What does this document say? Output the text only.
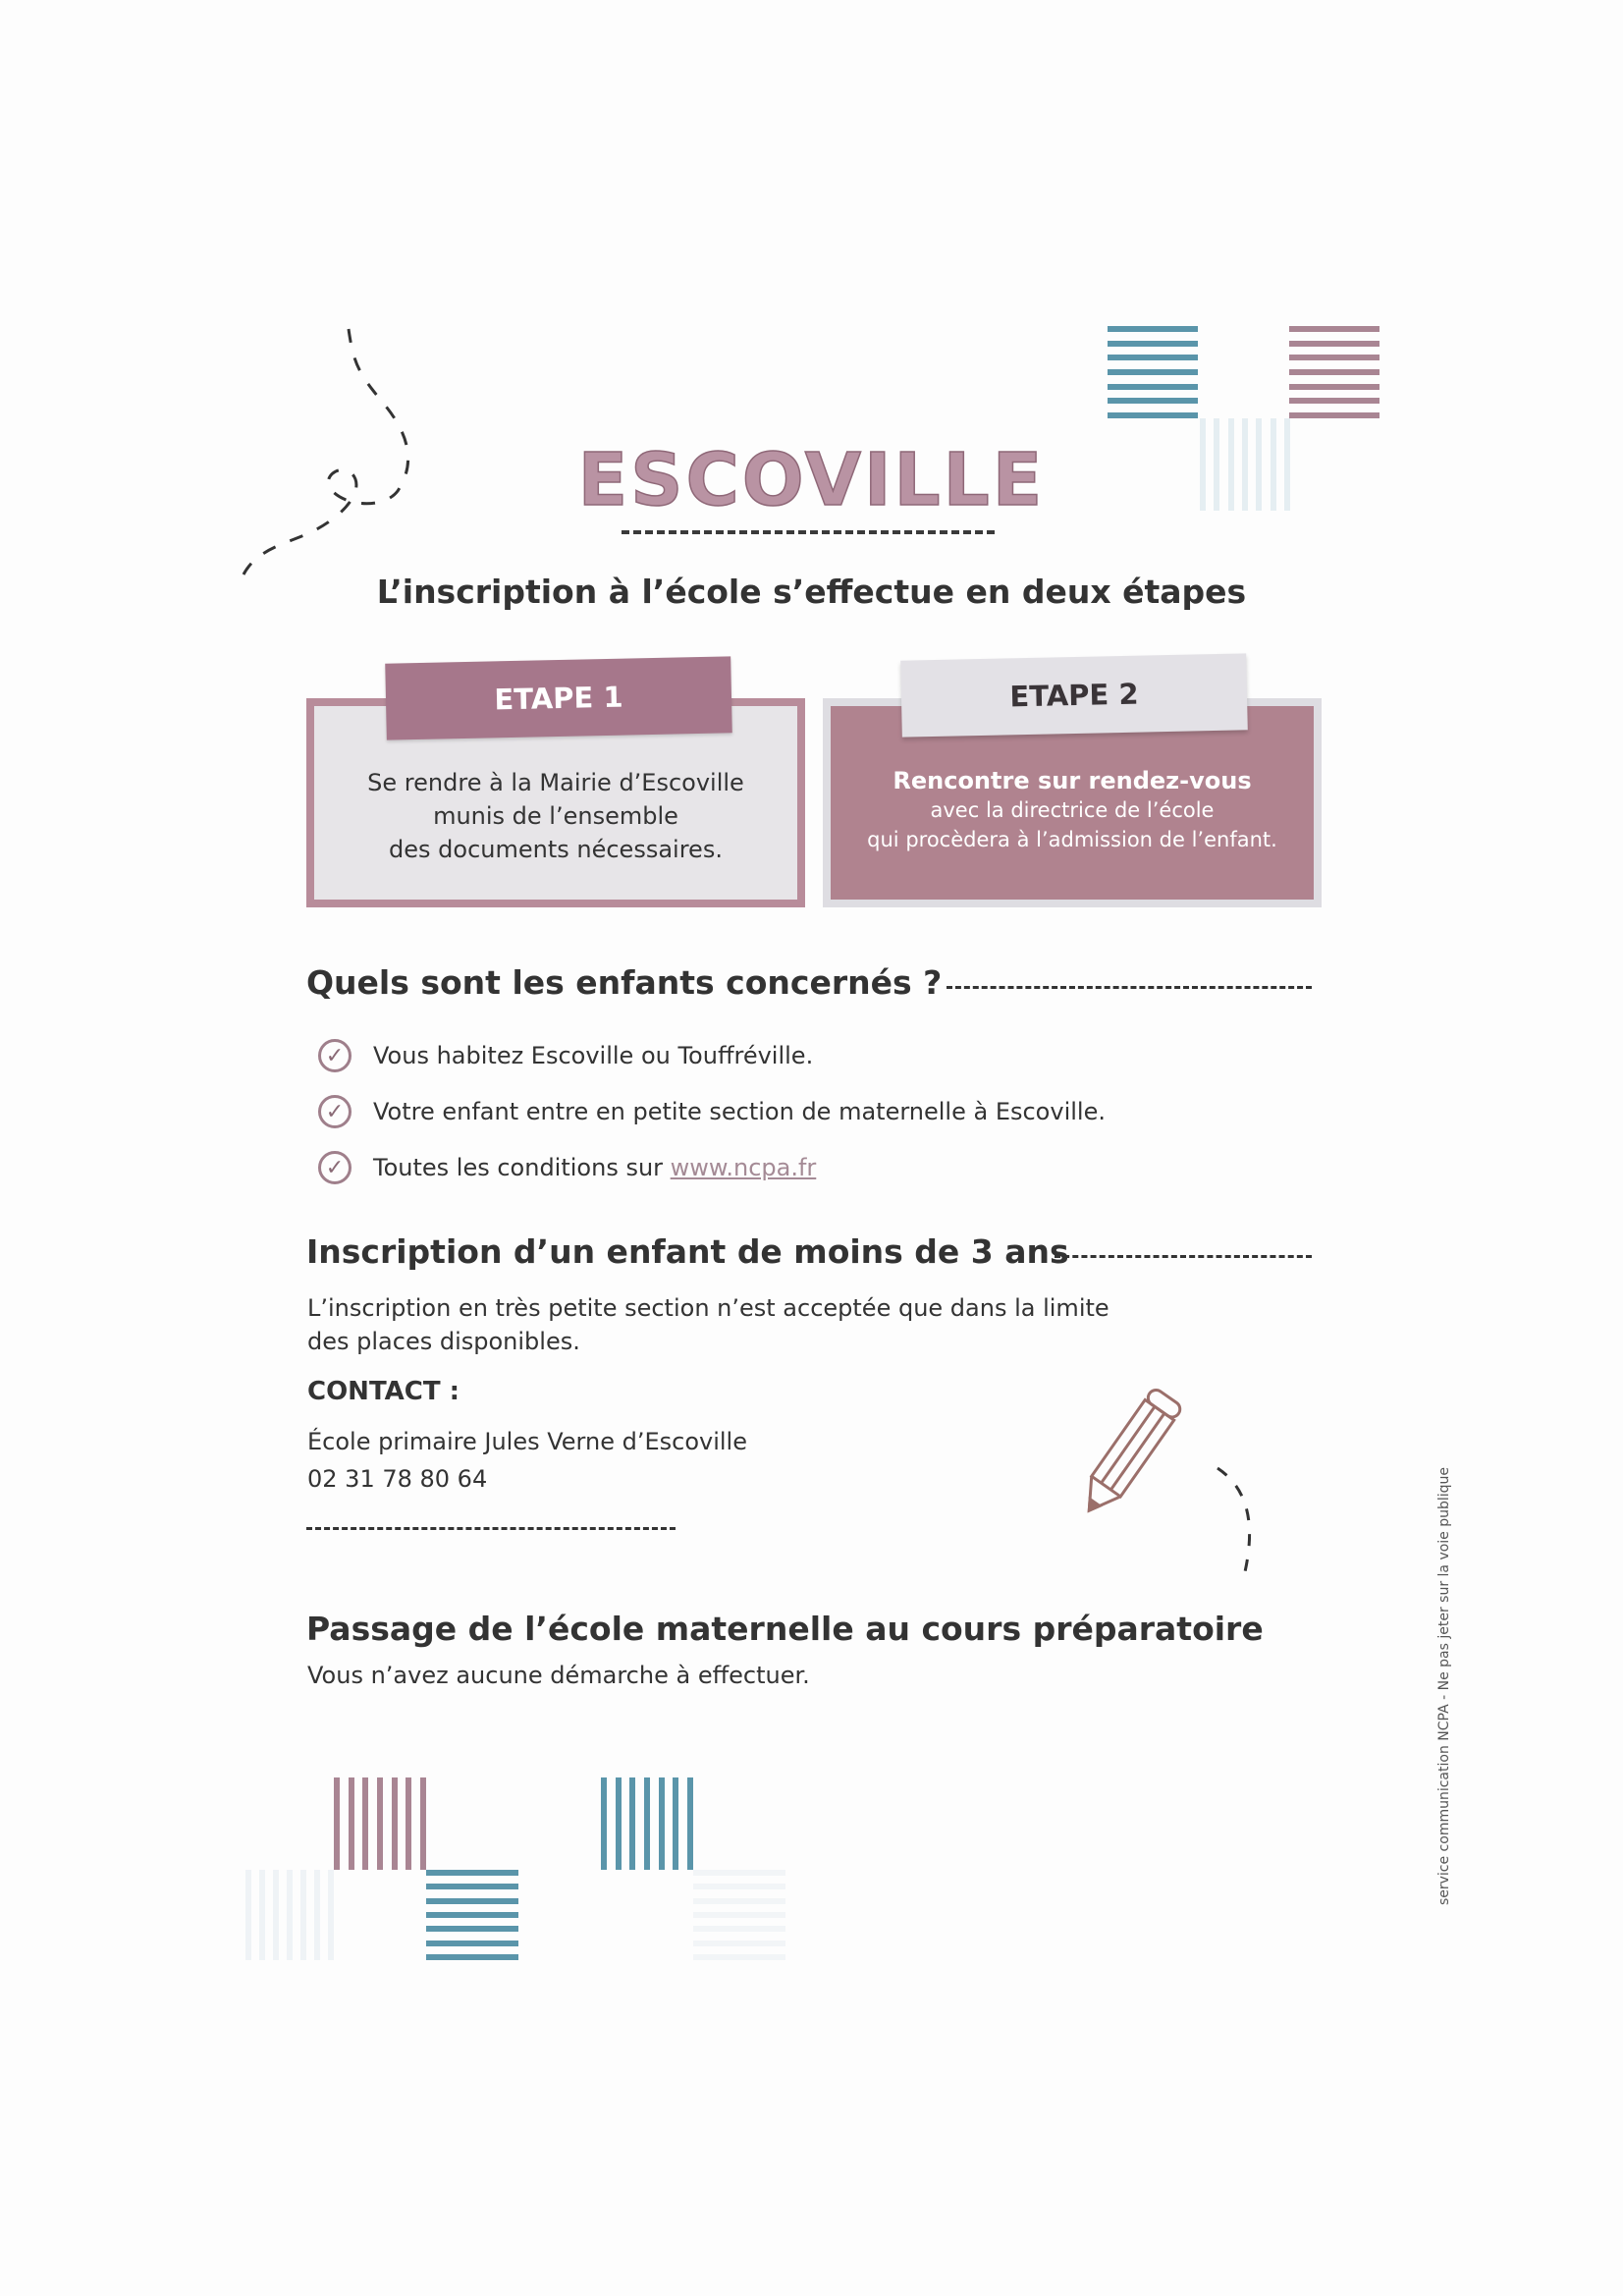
ESCOVILLE
L’inscription à l’école s’effectue en deux étapes
Se rendre à la Mairie d’Escoville
munis de l’ensemble
des documents nécessaires.
ETAPE 1
Rencontre sur rendez-vous
avec la directrice de l’école
qui procèdera à l’admission de l’enfant.
ETAPE 2
Quels sont les enfants concernés ?
✓	Vous habitez Escoville ou Touffréville.
✓	Votre enfant entre en petite section de maternelle à Escoville.
✓	Toutes les conditions sur www.ncpa.fr
Inscription d’un enfant de moins de 3 ans
L’inscription en très petite section n’est acceptée que dans la limite
des places disponibles.
CONTACT :
École primaire Jules Verne d’Escoville
02 31 78 80 64
Passage de l’école maternelle au cours préparatoire
Vous n’avez aucune démarche à effectuer.	service communication NCPA - Ne pas jeter sur la voie publique
